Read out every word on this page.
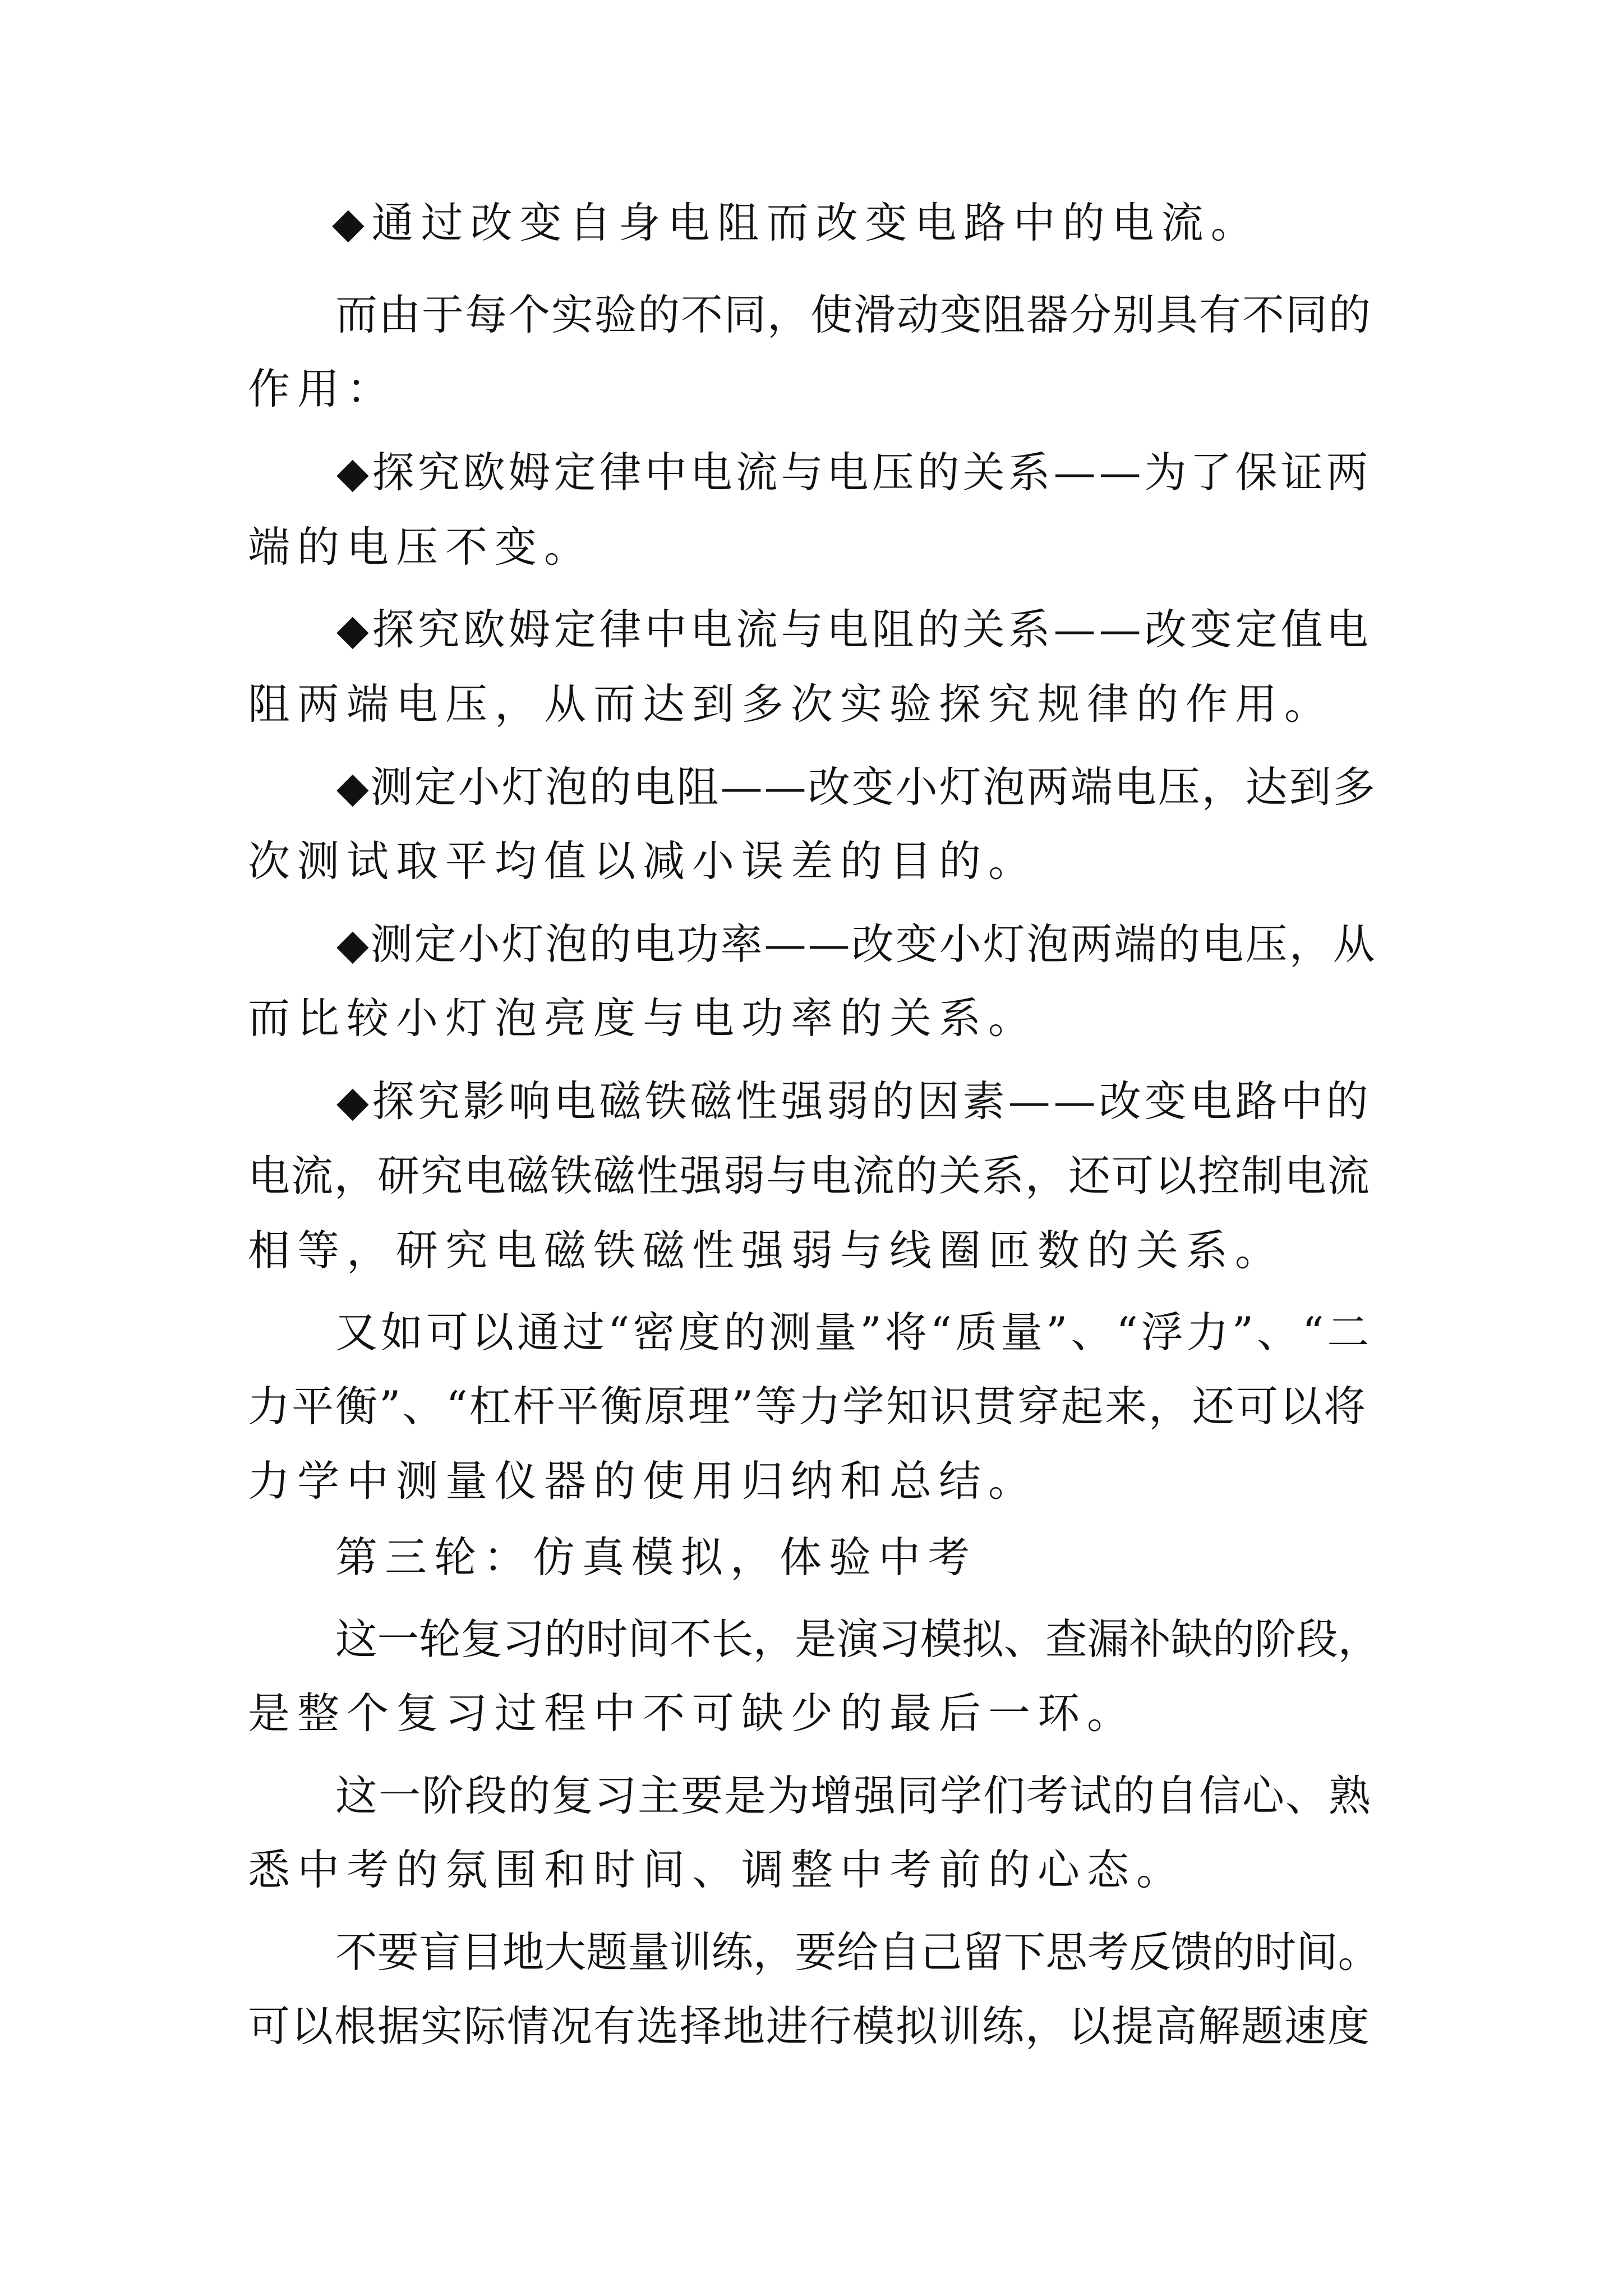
◆通过改变自身电阻而改变电路中的电流。
而由于每个实验的不同，使滑动变阻器分别具有不同的
作用：
◆探究欧姆定律中电流与电压的关系——为了保证两
端的电压不变。
◆探究欧姆定律中电流与电阻的关系——改变定值电
阻两端电压，从而达到多次实验探究规律的作用。
◆测定小灯泡的电阻——改变小灯泡两端电压，达到多
次测试取平均值以减小误差的目的。
◆测定小灯泡的电功率——改变小灯泡两端的电压，从
而比较小灯泡亮度与电功率的关系。
◆探究影响电磁铁磁性强弱的因素——改变电路中的
电流，研究电磁铁磁性强弱与电流的关系，还可以控制电流
相等，研究电磁铁磁性强弱与线圈匝数的关系。
又如可以通过“密度的测量”将“质量”、“浮力”、“二
力平衡”、“杠杆平衡原理”等力学知识贯穿起来，还可以将
力学中测量仪器的使用归纳和总结。
第三轮：仿真模拟，体验中考
这一轮复习的时间不长，是演习模拟、查漏补缺的阶段，
是整个复习过程中不可缺少的最后一环。
这一阶段的复习主要是为增强同学们考试的自信心、熟
悉中考的氛围和时间、调整中考前的心态。
不要盲目地大题量训练，要给自己留下思考反馈的时间。
可以根据实际情况有选择地进行模拟训练，以提高解题速度
